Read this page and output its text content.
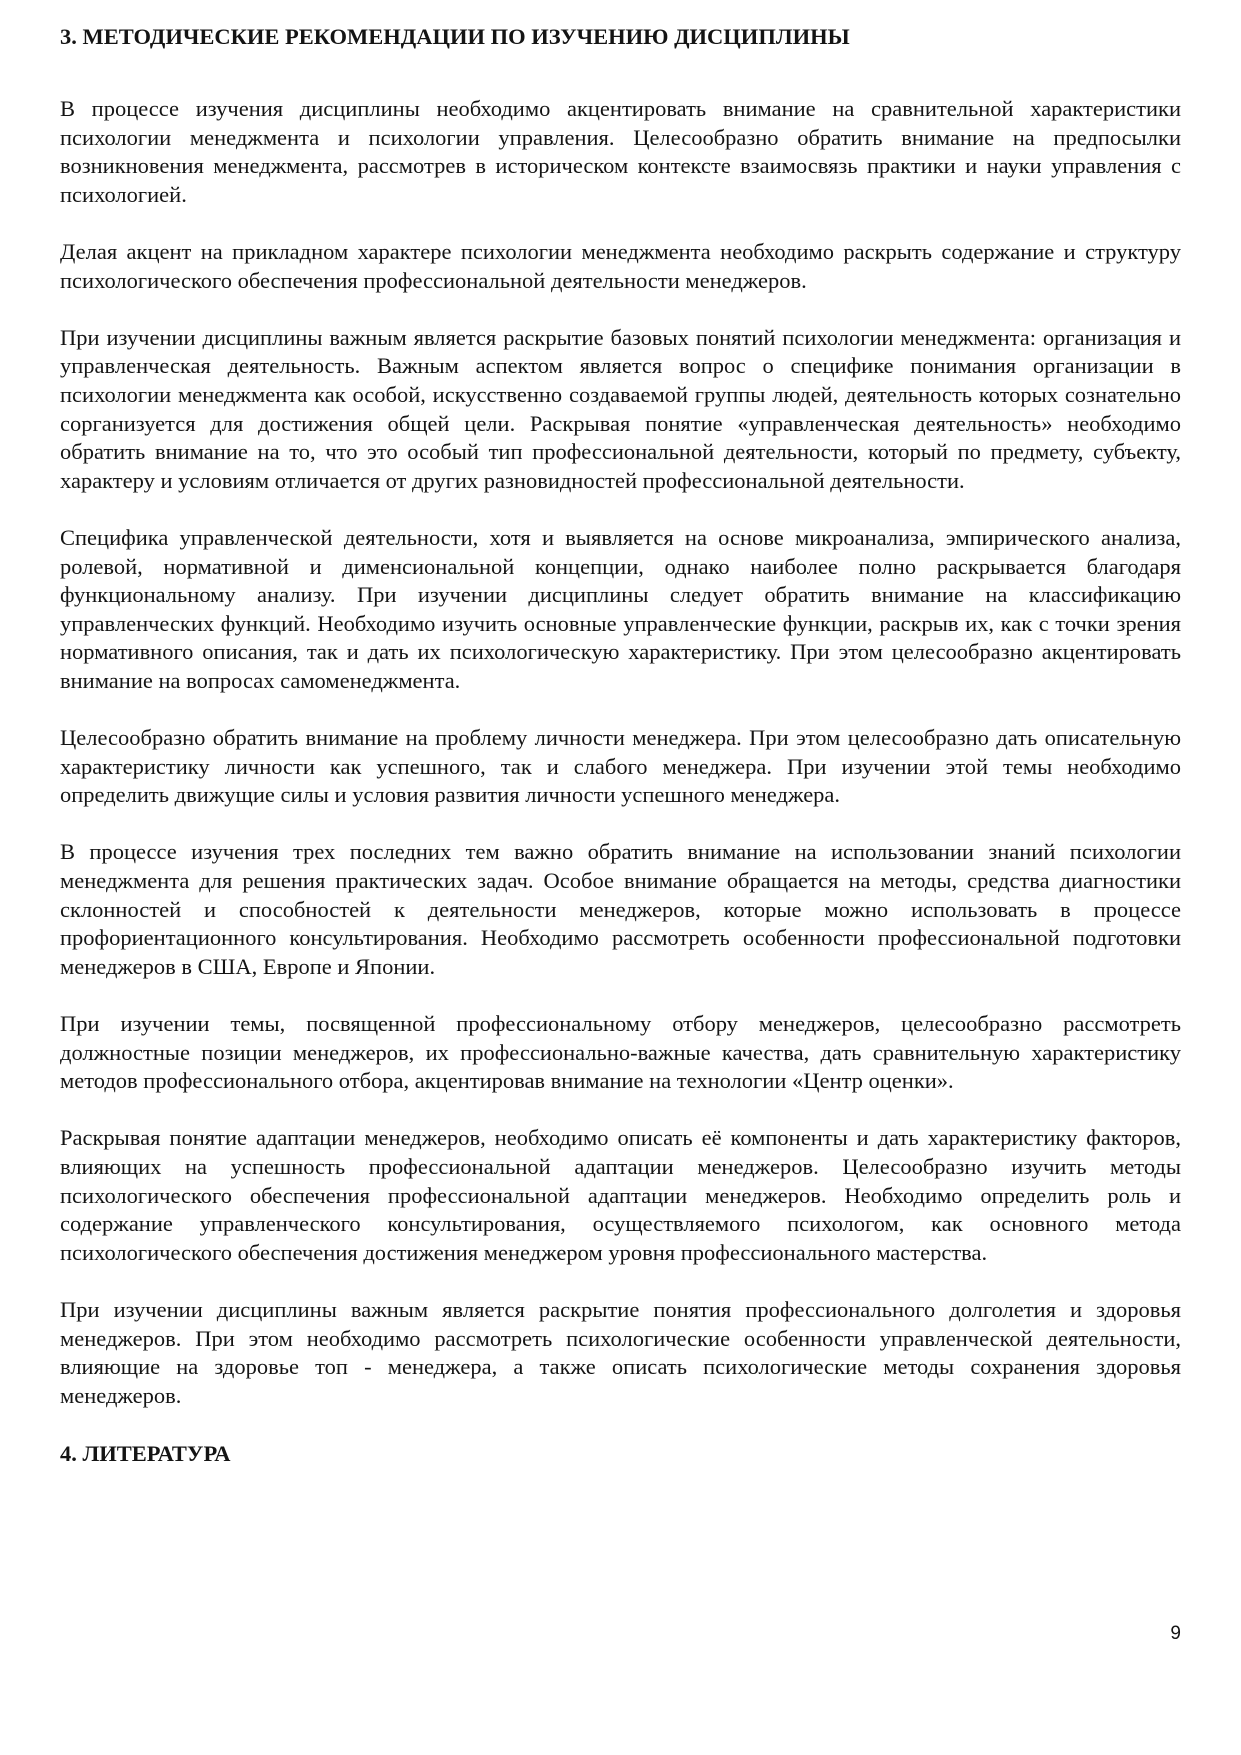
3. МЕТОДИЧЕСКИЕ РЕКОМЕНДАЦИИ ПО ИЗУЧЕНИЮ ДИСЦИПЛИНЫ

В процессе изучения дисциплины необходимо акцентировать внимание на сравнительной характеристики психологии менеджмента и психологии управления. Целесообразно обратить внимание на предпосылки возникновения менеджмента, рассмотрев в историческом контексте взаимосвязь практики и науки управления с психологией.

Делая акцент на прикладном характере психологии менеджмента необходимо раскрыть содержание и структуру психологического обеспечения профессиональной деятельности менеджеров.

При изучении дисциплины важным является раскрытие базовых понятий психологии менеджмента: организация и управленческая деятельность. Важным аспектом является вопрос о специфике понимания организации в психологии менеджмента как особой, искусственно создаваемой группы людей, деятельность которых сознательно сорганизуется для достижения общей цели. Раскрывая понятие «управленческая деятельность» необходимо обратить внимание на то, что это особый тип профессиональной деятельности, который по предмету, субъекту, характеру и условиям отличается от других разновидностей профессиональной деятельности.

Специфика управленческой деятельности, хотя и выявляется на основе микроанализа, эмпирического анализа, ролевой, нормативной и дименсиональной концепции, однако наиболее полно раскрывается благодаря функциональному анализу. При изучении дисциплины следует обратить внимание на классификацию управленческих функций. Необходимо изучить основные управленческие функции, раскрыв их, как с точки зрения нормативного описания, так и дать их психологическую характеристику. При этом целесообразно акцентировать внимание на вопросах самоменеджмента.

Целесообразно обратить внимание на проблему личности менеджера. При этом целесообразно дать описательную характеристику личности как успешного, так и слабого менеджера. При изучении этой темы необходимо определить движущие силы и условия развития личности успешного менеджера.

В процессе изучения трех последних тем важно обратить внимание на использовании знаний психологии менеджмента для решения практических задач. Особое внимание обращается на методы, средства диагностики склонностей и способностей к деятельности менеджеров, которые можно использовать в процессе профориентационного консультирования. Необходимо рассмотреть особенности профессиональной подготовки менеджеров в США, Европе и Японии.

При изучении темы, посвященной профессиональному отбору менеджеров, целесообразно рассмотреть должностные позиции менеджеров, их профессионально-важные качества, дать сравнительную характеристику методов профессионального отбора, акцентировав внимание на технологии «Центр оценки».

Раскрывая понятие адаптации менеджеров, необходимо описать её компоненты и дать характеристику факторов, влияющих на успешность профессиональной адаптации менеджеров. Целесообразно изучить методы психологического обеспечения профессиональной адаптации менеджеров. Необходимо определить роль и содержание управленческого консультирования, осуществляемого психологом, как основного метода психологического обеспечения достижения менеджером уровня профессионального мастерства.

При изучении дисциплины важным является раскрытие понятия профессионального долголетия и здоровья менеджеров. При этом необходимо рассмотреть психологические особенности управленческой деятельности, влияющие на здоровье топ - менеджера, а также описать психологические методы сохранения здоровья менеджеров.

4. ЛИТЕРАТУРА
9
